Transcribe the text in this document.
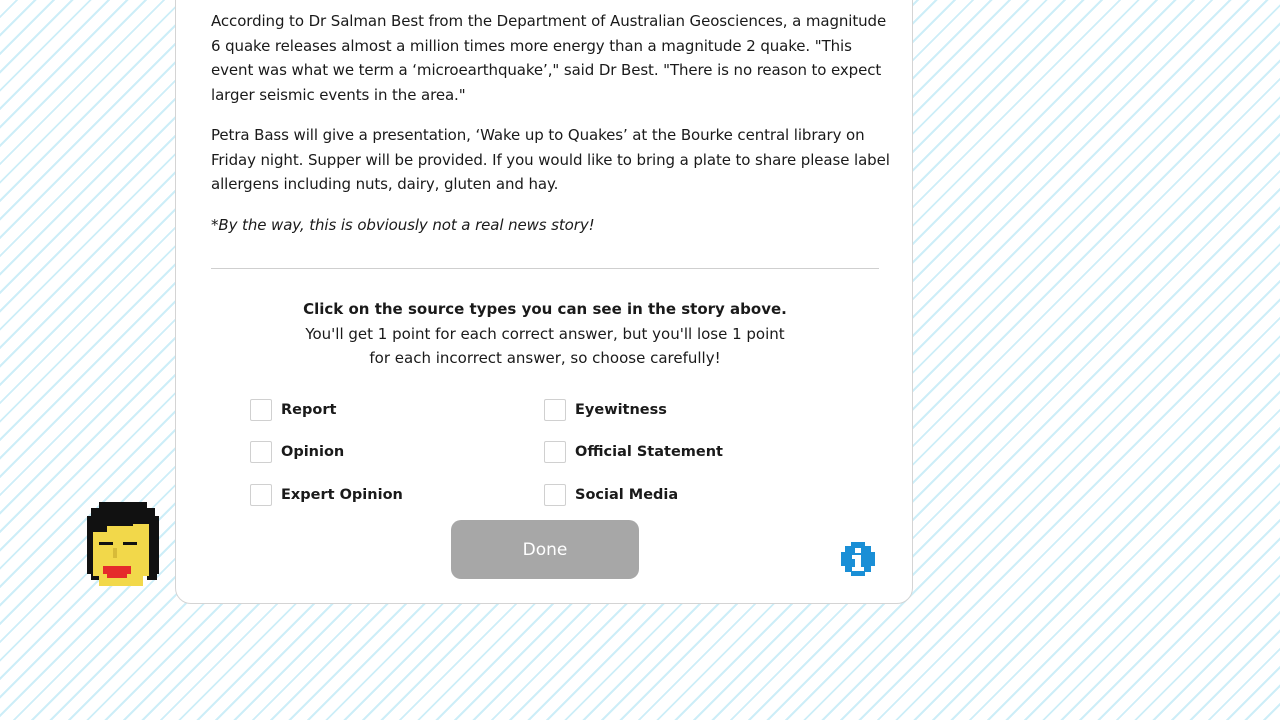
According to Dr Salman Best from the Department of Australian Geosciences, a magnitude 6 quake releases almost a million times more energy than a magnitude 2 quake. "This event was what we term a ‘microearthquake’," said Dr Best. "There is no reason to expect larger seismic events in the area."

Petra Bass will give a presentation, ‘Wake up to Quakes’ at the Bourke central library on Friday night. Supper will be provided. If you would like to bring a plate to share please label allergens including nuts, dairy, gluten and hay.

*By the way, this is obviously not a real news story!

Click on the source types you can see in the story above.
You'll get 1 point for each correct answer, but you'll lose 1 point
for each incorrect answer, so choose carefully!
Report	Eyewitness
Opinion	Official Statement
Expert Opinion	Social Media
Done
